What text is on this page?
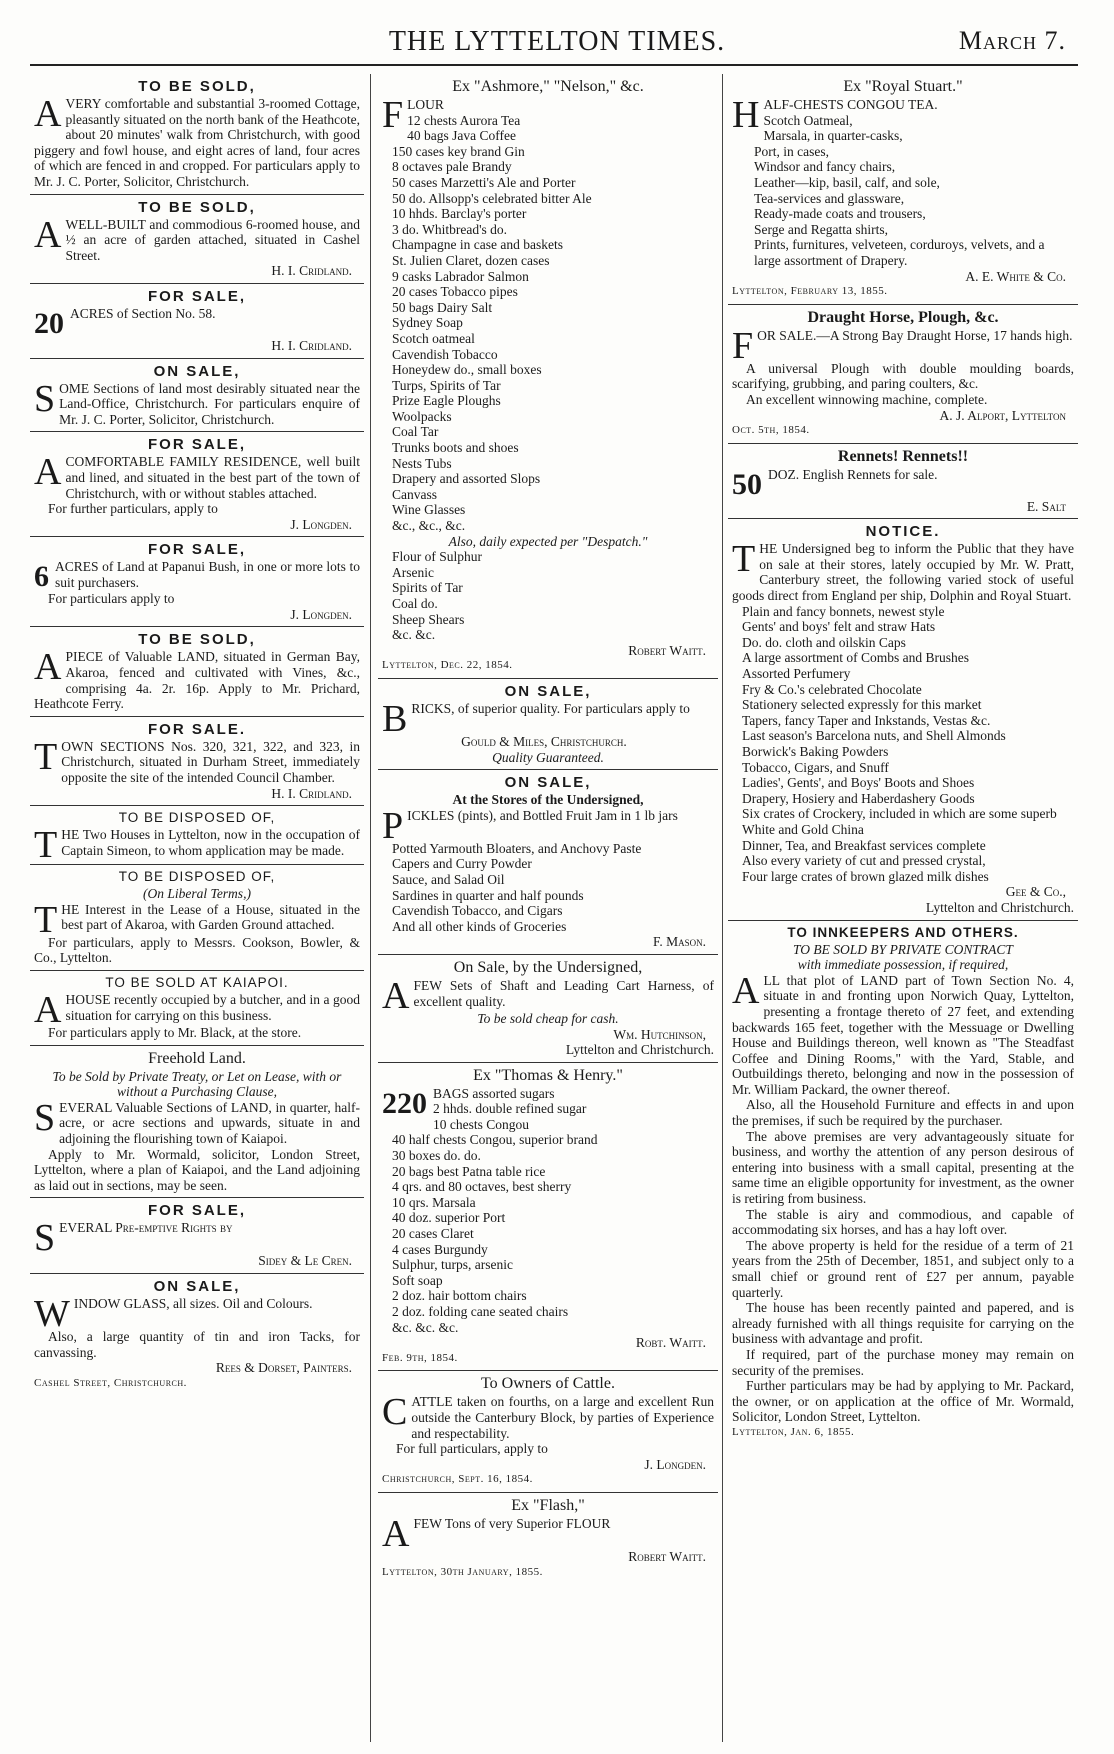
THE LYTTELTON TIMES.	March 7.
TO BE SOLD,
AVERY comfortable and substantial 3-roomed Cottage, pleasantly situated on the north bank of the Heathcote, about 20 minutes' walk from Christchurch, with good piggery and fowl house, and eight acres of land, four acres of which are fenced in and cropped. For particulars apply to Mr. J. C. Porter, Solicitor, Christchurch.
TO BE SOLD,
AWELL-BUILT and commodious 6-roomed house, and ½ an acre of garden attached, situated in Cashel Street.
H. I. Cridland.
FOR SALE,
20 ACRES of Section No. 58.
H. I. Cridland.
ON SALE,
SOME Sections of land most desirably situated near the Land-Office, Christchurch. For particulars enquire of Mr. J. C. Porter, Solicitor, Christchurch.
FOR SALE,
ACOMFORTABLE FAMILY RESIDENCE, well built and lined, and situated in the best part of the town of Christchurch, with or without stables attached.
For further particulars, apply to
J. Longden.
FOR SALE,
6 ACRES of Land at Papanui Bush, in one or more lots to suit purchasers.
For particulars apply to
J. Longden.
TO BE SOLD,
APIECE of Valuable LAND, situated in German Bay, Akaroa, fenced and cultivated with Vines, &c., comprising 4a. 2r. 16p. Apply to Mr. Prichard, Heathcote Ferry.
FOR SALE.
TOWN SECTIONS Nos. 320, 321, 322, and 323, in Christchurch, situated in Durham Street, immediately opposite the site of the intended Council Chamber.
H. I. Cridland.
TO BE DISPOSED OF,
THE Two Houses in Lyttelton, now in the occupation of Captain Simeon, to whom application may be made.
TO BE DISPOSED OF,
(On Liberal Terms,)
THE Interest in the Lease of a House, situated in the best part of Akaroa, with Garden Ground attached.
For particulars, apply to Messrs. Cookson, Bowler, & Co., Lyttelton.
TO BE SOLD AT KAIAPOI.
AHOUSE recently occupied by a butcher, and in a good situation for carrying on this business.
For particulars apply to Mr. Black, at the store.
Freehold Land.
To be Sold by Private Treaty, or Let on Lease, with or without a Purchasing Clause,
SEVERAL Valuable Sections of LAND, in quarter, half-acre, or acre sections and upwards, situate in and adjoining the flourishing town of Kaiapoi.
Apply to Mr. Wormald, solicitor, London Street, Lyttelton, where a plan of Kaiapoi, and the Land adjoining as laid out in sections, may be seen.
FOR SALE,
SEVERAL Pre-emptive Rights by
Sidey & Le Cren.
ON SALE,
WINDOW GLASS, all sizes. Oil and Colours.
Also, a large quantity of tin and iron Tacks, for canvassing.
Rees & Dorset, Painters.
Cashel Street, Christchurch.
Ex "Ashmore," "Nelson," &c.
FLOUR
12 chests Aurora Tea
40 bags Java Coffee
150 cases key brand Gin
8 octaves pale Brandy
50 cases Marzetti's Ale and Porter
50 do. Allsopp's celebrated bitter Ale
10 hhds. Barclay's porter
3 do. Whitbread's do.
Champagne in case and baskets
St. Julien Claret, dozen cases
9 casks Labrador Salmon
20 cases Tobacco pipes
50 bags Dairy Salt
Sydney Soap
Scotch oatmeal
Cavendish Tobacco
Honeydew do., small boxes
Turps, Spirits of Tar
Prize Eagle Ploughs
Woolpacks
Coal Tar
Trunks boots and shoes
Nests Tubs
Drapery and assorted Slops
Canvass
Wine Glasses
&c., &c., &c.
Also, daily expected per "Despatch."
Flour of Sulphur
Arsenic
Spirits of Tar
Coal do.
Sheep Shears
&c. &c.
Robert Waitt.
Lyttelton, Dec. 22, 1854.
ON SALE,
BRICKS, of superior quality. For particulars apply to
Gould & Miles, Christchurch.
Quality Guaranteed.
ON SALE,
At the Stores of the Undersigned,
PICKLES (pints), and Bottled Fruit Jam in 1 lb jars
Potted Yarmouth Bloaters, and Anchovy Paste
Capers and Curry Powder
Sauce, and Salad Oil
Sardines in quarter and half pounds
Cavendish Tobacco, and Cigars
And all other kinds of Groceries
F. Mason.
On Sale, by the Undersigned,
AFEW Sets of Shaft and Leading Cart Harness, of excellent quality.
To be sold cheap for cash.
Wm. Hutchinson,
Lyttelton and Christchurch.
Ex "Thomas & Henry."
220 BAGS assorted sugars
2 hhds. double refined sugar
10 chests Congou
40 half chests Congou, superior brand
30 boxes do. do.
20 bags best Patna table rice
4 qrs. and 80 octaves, best sherry
10 qrs. Marsala
40 doz. superior Port
20 cases Claret
4 cases Burgundy
Sulphur, turps, arsenic
Soft soap
2 doz. hair bottom chairs
2 doz. folding cane seated chairs
&c. &c. &c.
Robt. Waitt.
Feb. 9th, 1854.
To Owners of Cattle.
CATTLE taken on fourths, on a large and excellent Run outside the Canterbury Block, by parties of Experience and respectability.
For full particulars, apply to
J. Longden.
Christchurch, Sept. 16, 1854.
Ex "Flash,"
AFEW Tons of very Superior FLOUR
Robert Waitt.
Lyttelton, 30th January, 1855.
Ex "Royal Stuart."
HALF-CHESTS CONGOU TEA.
Scotch Oatmeal,
Marsala, in quarter-casks,
Port, in cases,
Windsor and fancy chairs,
Leather—kip, basil, calf, and sole,
Tea-services and glassware,
Ready-made coats and trousers,
Serge and Regatta shirts,
Prints, furnitures, velveteen, corduroys, velvets, and a large assortment of Drapery.
A. E. White & Co.
Lyttelton, February 13, 1855.
Draught Horse, Plough, &c.
FOR SALE.—A Strong Bay Draught Horse, 17 hands high.
A universal Plough with double moulding boards, scarifying, grubbing, and paring coulters, &c.
An excellent winnowing machine, complete.
A. J. Alport, Lyttelton
Oct. 5th, 1854.
Rennets! Rennets!!
50 DOZ. English Rennets for sale.
E. Salt
NOTICE.
THE Undersigned beg to inform the Public that they have on sale at their stores, lately occupied by Mr. W. Pratt, Canterbury street, the following varied stock of useful goods direct from England per ship, Dolphin and Royal Stuart.
Plain and fancy bonnets, newest style
Gents' and boys' felt and straw Hats
Do. do. cloth and oilskin Caps
A large assortment of Combs and Brushes
Assorted Perfumery
Fry & Co.'s celebrated Chocolate
Stationery selected expressly for this market
Tapers, fancy Taper and Inkstands, Vestas &c.
Last season's Barcelona nuts, and Shell Almonds
Borwick's Baking Powders
Tobacco, Cigars, and Snuff
Ladies', Gents', and Boys' Boots and Shoes
Drapery, Hosiery and Haberdashery Goods
Six crates of Crockery, included in which are some superb White and Gold China
Dinner, Tea, and Breakfast services complete
Also every variety of cut and pressed crystal,
Four large crates of brown glazed milk dishes
Gee & Co.,
Lyttelton and Christchurch.
TO INNKEEPERS AND OTHERS.
TO BE SOLD BY PRIVATE CONTRACT
with immediate possession, if required,
ALL that plot of LAND part of Town Section No. 4, situate in and fronting upon Norwich Quay, Lyttelton, presenting a frontage thereto of 27 feet, and extending backwards 165 feet, together with the Messuage or Dwelling House and Buildings thereon, well known as "The Steadfast Coffee and Dining Rooms," with the Yard, Stable, and Outbuildings thereto, belonging and now in the possession of Mr. William Packard, the owner thereof.
Also, all the Household Furniture and effects in and upon the premises, if such be required by the purchaser.
The above premises are very advantageously situate for business, and worthy the attention of any person desirous of entering into business with a small capital, presenting at the same time an eligible opportunity for investment, as the owner is retiring from business.
The stable is airy and commodious, and capable of accommodating six horses, and has a hay loft over.
The above property is held for the residue of a term of 21 years from the 25th of December, 1851, and subject only to a small chief or ground rent of £27 per annum, payable quarterly.
The house has been recently painted and papered, and is already furnished with all things requisite for carrying on the business with advantage and profit.
If required, part of the purchase money may remain on security of the premises.
Further particulars may be had by applying to Mr. Packard, the owner, or on application at the office of Mr. Wormald, Solicitor, London Street, Lyttelton.
Lyttelton, Jan. 6, 1855.
